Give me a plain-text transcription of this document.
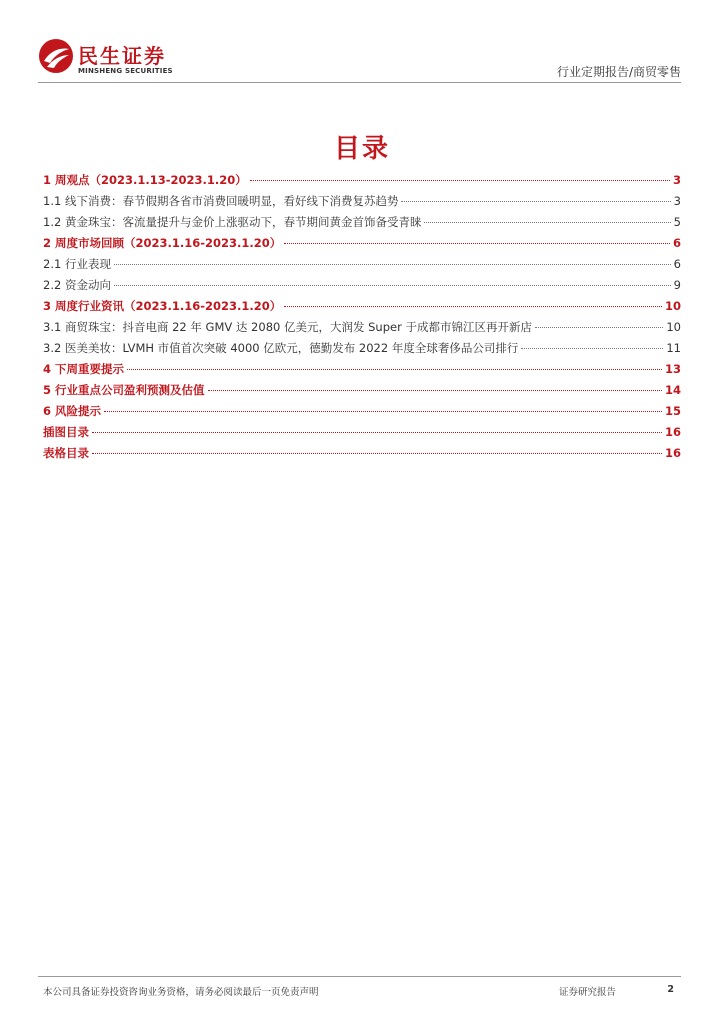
民生证券
MINSHENG SECURITIES	行业定期报告/商贸零售
目录
1 周观点（2023.1.13-2023.1.20）	3
1.1 线下消费：春节假期各省市消费回暖明显，看好线下消费复苏趋势	3
1.2 黄金珠宝：客流量提升与金价上涨驱动下，春节期间黄金首饰备受青睐	5
2 周度市场回顾（2023.1.16-2023.1.20）	6
2.1 行业表现	6
2.2 资金动向	9
3 周度行业资讯（2023.1.16-2023.1.20）	10
3.1 商贸珠宝：抖音电商 22 年 GMV 达 2080 亿美元，大润发 Super 于成都市锦江区再开新店	10
3.2 医美美妆：LVMH 市值首次突破 4000 亿欧元，德勤发布 2022 年度全球奢侈品公司排行	11
4 下周重要提示	13
5 行业重点公司盈利预测及估值	14
6 风险提示	15
插图目录	16
表格目录	16
本公司具备证券投资咨询业务资格，请务必阅读最后一页免责声明	证券研究报告	2
